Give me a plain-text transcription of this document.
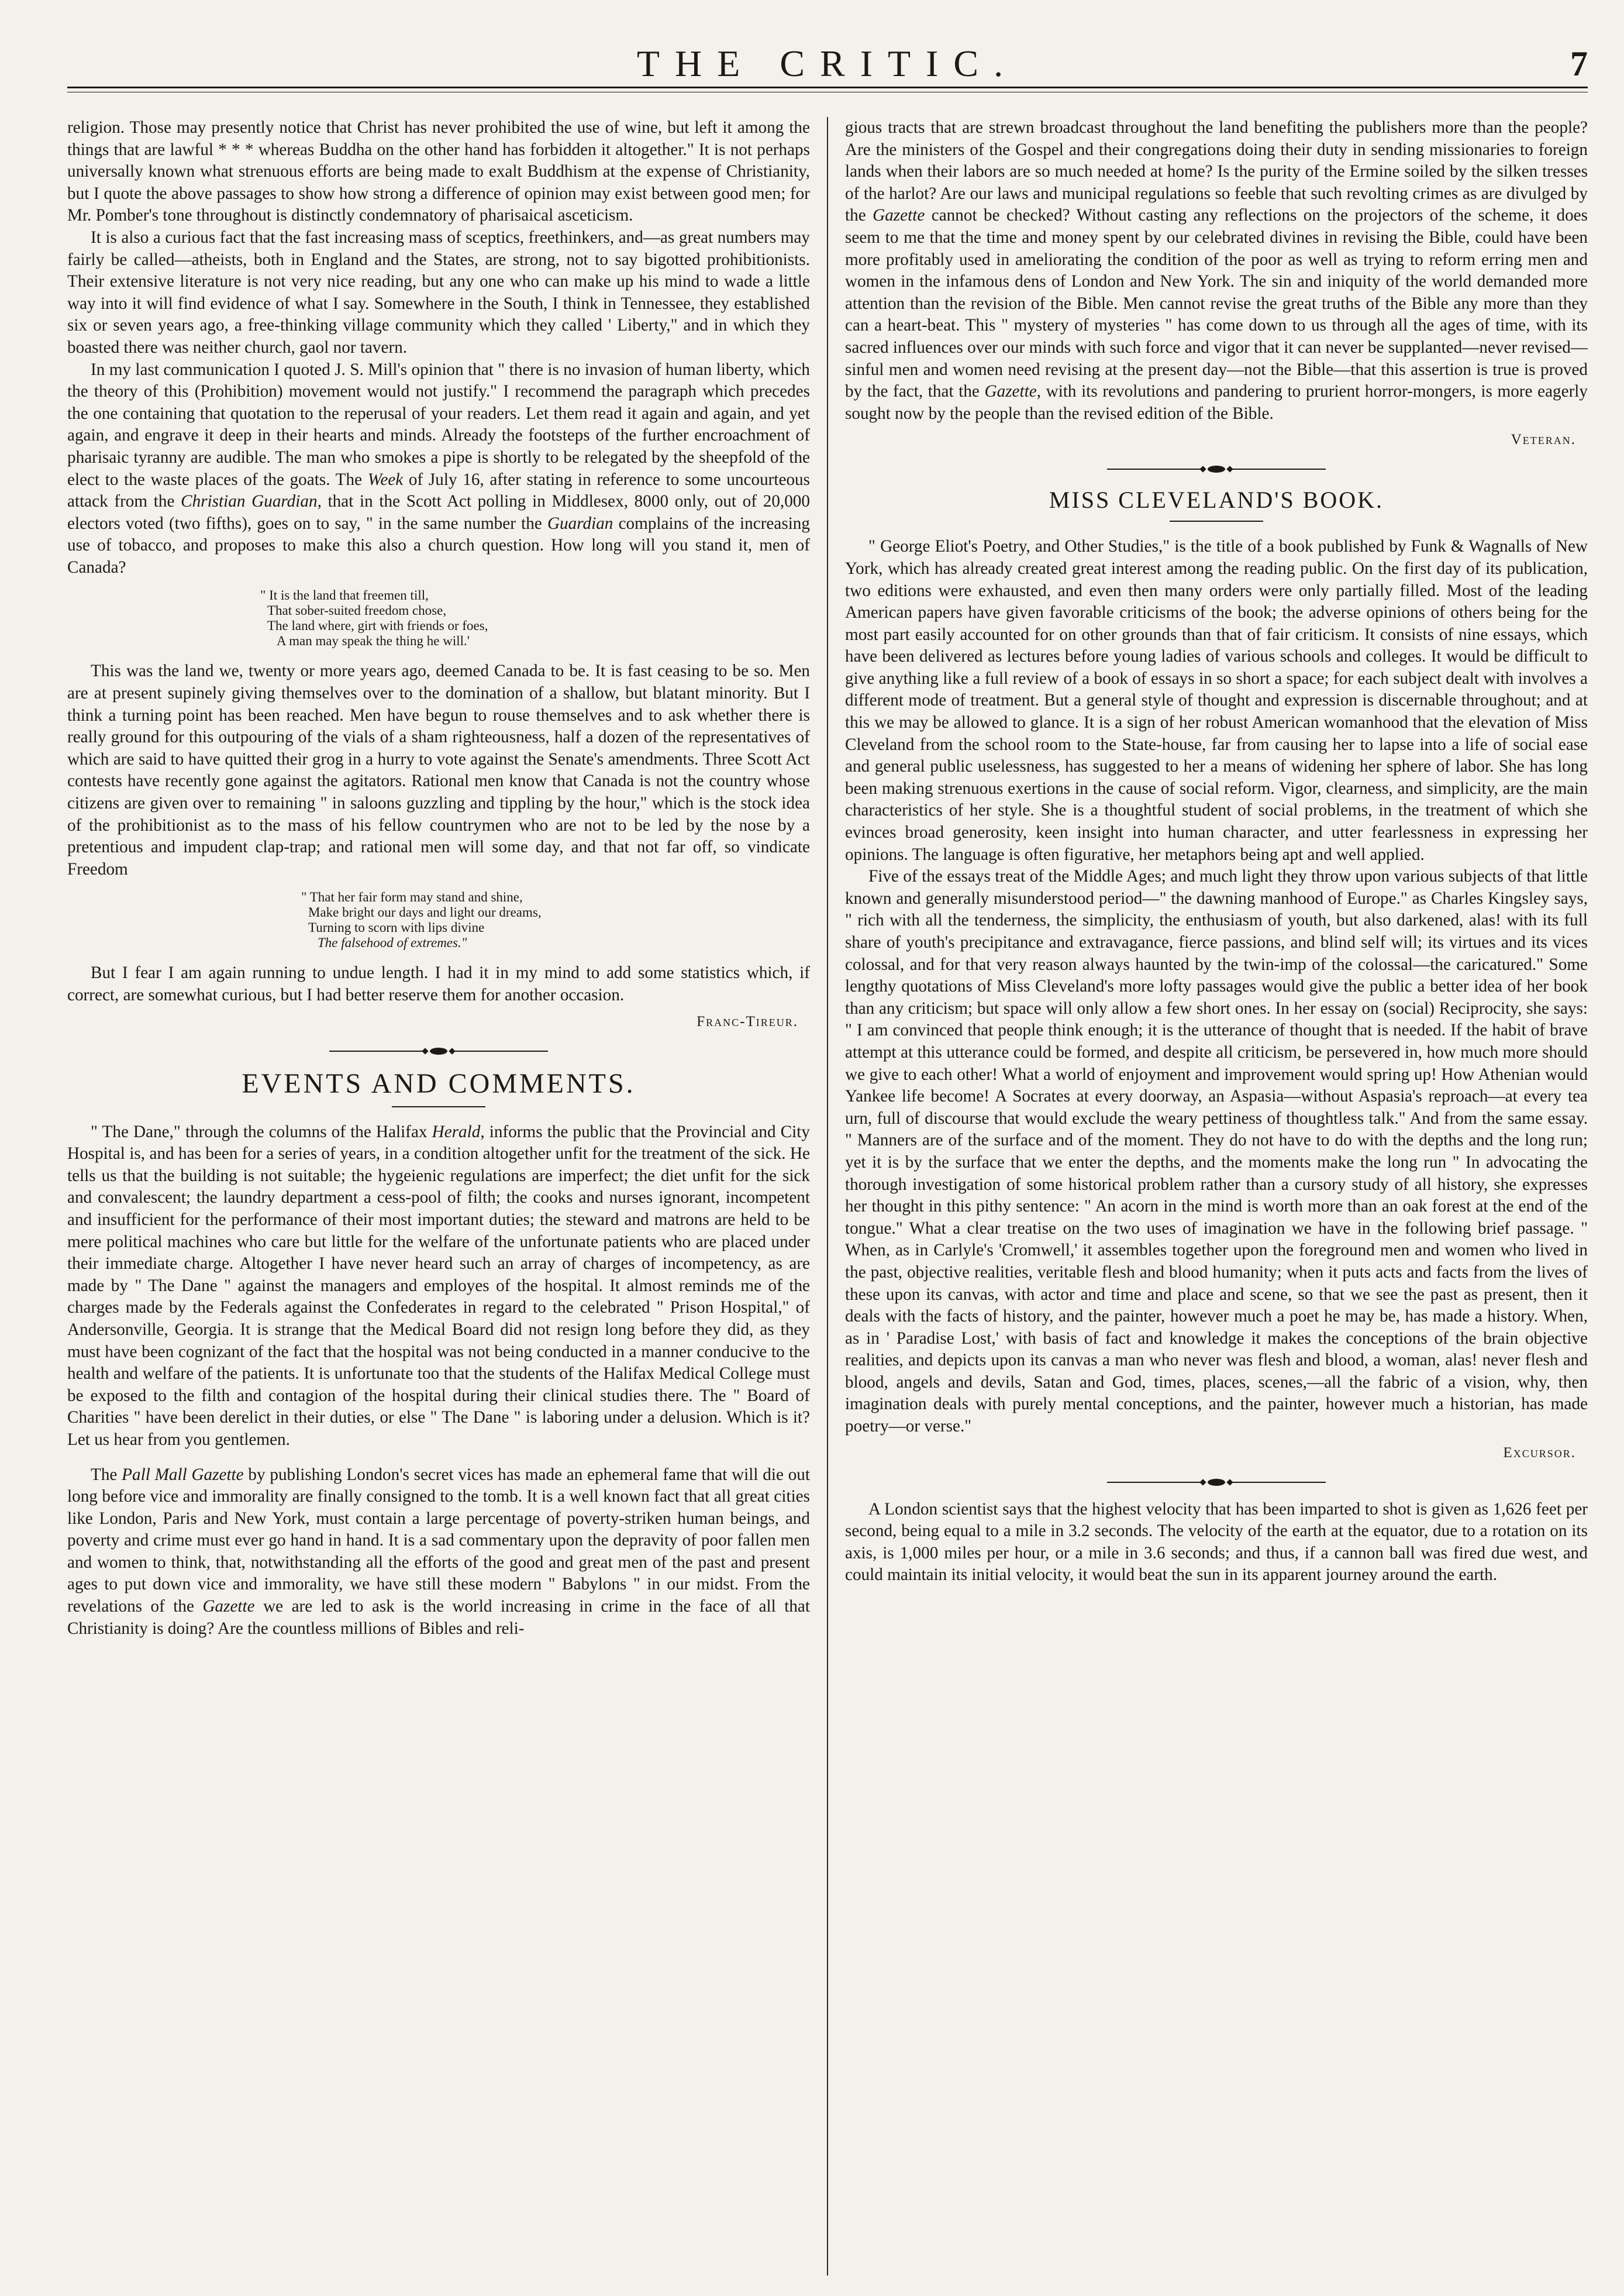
THE CRITIC.	7

religion. Those may presently notice that Christ has never prohibited the use of wine, but left it among the things that are lawful * * * whereas Buddha on the other hand has forbidden it altogether." It is not perhaps universally known what strenuous efforts are being made to exalt Buddhism at the expense of Christianity, but I quote the above passages to show how strong a difference of opinion may exist between good men; for Mr. Pomber's tone throughout is distinctly condemnatory of pharisaical asceticism.

It is also a curious fact that the fast increasing mass of sceptics, freethinkers, and—as great numbers may fairly be called—atheists, both in England and the States, are strong, not to say bigotted prohibitionists. Their extensive literature is not very nice reading, but any one who can make up his mind to wade a little way into it will find evidence of what I say. Somewhere in the South, I think in Tennessee, they established six or seven years ago, a free-thinking village community which they called ' Liberty," and in which they boasted there was neither church, gaol nor tavern.

In my last communication I quoted J. S. Mill's opinion that " there is no invasion of human liberty, which the theory of this (Prohibition) movement would not justify." I recommend the paragraph which precedes the one containing that quotation to the reperusal of your readers. Let them read it again and again, and yet again, and engrave it deep in their hearts and minds. Already the footsteps of the further encroachment of pharisaic tyranny are audible. The man who smokes a pipe is shortly to be relegated by the sheepfold of the elect to the waste places of the goats. The Week of July 16, after stating in reference to some uncourteous attack from the Christian Guardian, that in the Scott Act polling in Middlesex, 8000 only, out of 20,000 electors voted (two fifths), goes on to say, " in the same number the Guardian complains of the increasing use of tobacco, and proposes to make this also a church question. How long will you stand it, men of Canada?

" It is the land that freemen till,
That sober-suited freedom chose,
The land where, girt with friends or foes,
A man may speak the thing he will.'

This was the land we, twenty or more years ago, deemed Canada to be. It is fast ceasing to be so. Men are at present supinely giving themselves over to the domination of a shallow, but blatant minority. But I think a turning point has been reached. Men have begun to rouse themselves and to ask whether there is really ground for this outpouring of the vials of a sham righteousness, half a dozen of the representatives of which are said to have quitted their grog in a hurry to vote against the Senate's amendments. Three Scott Act contests have recently gone against the agitators. Rational men know that Canada is not the country whose citizens are given over to remaining " in saloons guzzling and tippling by the hour," which is the stock idea of the prohibitionist as to the mass of his fellow countrymen who are not to be led by the nose by a pretentious and impudent clap-trap; and rational men will some day, and that not far off, so vindicate Freedom

" That her fair form may stand and shine,
Make bright our days and light our dreams,
Turning to scorn with lips divine
The falsehood of extremes."

But I fear I am again running to undue length. I had it in my mind to add some statistics which, if correct, are somewhat curious, but I had better reserve them for another occasion.

Franc-Tireur.
EVENTS AND COMMENTS.

" The Dane," through the columns of the Halifax Herald, informs the public that the Provincial and City Hospital is, and has been for a series of years, in a condition altogether unfit for the treatment of the sick. He tells us that the building is not suitable; the hygeienic regulations are imperfect; the diet unfit for the sick and convalescent; the laundry department a cess-pool of filth; the cooks and nurses ignorant, incompetent and insufficient for the performance of their most important duties; the steward and matrons are held to be mere political machines who care but little for the welfare of the unfortunate patients who are placed under their immediate charge. Altogether I have never heard such an array of charges of incompetency, as are made by " The Dane " against the managers and employes of the hospital. It almost reminds me of the charges made by the Federals against the Confederates in regard to the celebrated " Prison Hospital," of Andersonville, Georgia. It is strange that the Medical Board did not resign long before they did, as they must have been cognizant of the fact that the hospital was not being conducted in a manner conducive to the health and welfare of the patients. It is unfortunate too that the students of the Halifax Medical College must be exposed to the filth and contagion of the hospital during their clinical studies there. The " Board of Charities " have been derelict in their duties, or else " The Dane " is laboring under a delusion. Which is it? Let us hear from you gentlemen.

The Pall Mall Gazette by publishing London's secret vices has made an ephemeral fame that will die out long before vice and immorality are finally consigned to the tomb. It is a well known fact that all great cities like London, Paris and New York, must contain a large percentage of poverty-striken human beings, and poverty and crime must ever go hand in hand. It is a sad commentary upon the depravity of poor fallen men and women to think, that, notwithstanding all the efforts of the good and great men of the past and present ages to put down vice and immorality, we have still these modern " Babylons " in our midst. From the revelations of the Gazette we are led to ask is the world increasing in crime in the face of all that Christianity is doing? Are the countless millions of Bibles and reli-

gious tracts that are strewn broadcast throughout the land benefiting the publishers more than the people? Are the ministers of the Gospel and their congregations doing their duty in sending missionaries to foreign lands when their labors are so much needed at home? Is the purity of the Ermine soiled by the silken tresses of the harlot? Are our laws and municipal regulations so feeble that such revolting crimes as are divulged by the Gazette cannot be checked? Without casting any reflections on the projectors of the scheme, it does seem to me that the time and money spent by our celebrated divines in revising the Bible, could have been more profitably used in ameliorating the condition of the poor as well as trying to reform erring men and women in the infamous dens of London and New York. The sin and iniquity of the world demanded more attention than the revision of the Bible. Men cannot revise the great truths of the Bible any more than they can a heart-beat. This " mystery of mysteries " has come down to us through all the ages of time, with its sacred influences over our minds with such force and vigor that it can never be supplanted—never revised—sinful men and women need revising at the present day—not the Bible—that this assertion is true is proved by the fact, that the Gazette, with its revolutions and pandering to prurient horror-mongers, is more eagerly sought now by the people than the revised edition of the Bible.

Veteran.
MISS CLEVELAND'S BOOK.

" George Eliot's Poetry, and Other Studies," is the title of a book published by Funk & Wagnalls of New York, which has already created great interest among the reading public. On the first day of its publication, two editions were exhausted, and even then many orders were only partially filled. Most of the leading American papers have given favorable criticisms of the book; the adverse opinions of others being for the most part easily accounted for on other grounds than that of fair criticism. It consists of nine essays, which have been delivered as lectures before young ladies of various schools and colleges. It would be difficult to give anything like a full review of a book of essays in so short a space; for each subject dealt with involves a different mode of treatment. But a general style of thought and expression is discernable throughout; and at this we may be allowed to glance. It is a sign of her robust American womanhood that the elevation of Miss Cleveland from the school room to the State-house, far from causing her to lapse into a life of social ease and general public uselessness, has suggested to her a means of widening her sphere of labor. She has long been making strenuous exertions in the cause of social reform. Vigor, clearness, and simplicity, are the main characteristics of her style. She is a thoughtful student of social problems, in the treatment of which she evinces broad generosity, keen insight into human character, and utter fearlessness in expressing her opinions. The language is often figurative, her metaphors being apt and well applied.

Five of the essays treat of the Middle Ages; and much light they throw upon various subjects of that little known and generally misunderstood period—" the dawning manhood of Europe." as Charles Kingsley says, " rich with all the tenderness, the simplicity, the enthusiasm of youth, but also darkened, alas! with its full share of youth's precipitance and extravagance, fierce passions, and blind self will; its virtues and its vices colossal, and for that very reason always haunted by the twin-imp of the colossal—the caricatured." Some lengthy quotations of Miss Cleveland's more lofty passages would give the public a better idea of her book than any criticism; but space will only allow a few short ones. In her essay on (social) Reciprocity, she says: " I am convinced that people think enough; it is the utterance of thought that is needed. If the habit of brave attempt at this utterance could be formed, and despite all criticism, be persevered in, how much more should we give to each other! What a world of enjoyment and improvement would spring up! How Athenian would Yankee life become! A Socrates at every doorway, an Aspasia—without Aspasia's reproach—at every tea urn, full of discourse that would exclude the weary pettiness of thoughtless talk." And from the same essay. " Manners are of the surface and of the moment. They do not have to do with the depths and the long run; yet it is by the surface that we enter the depths, and the moments make the long run " In advocating the thorough investigation of some historical problem rather than a cursory study of all history, she expresses her thought in this pithy sentence: " An acorn in the mind is worth more than an oak forest at the end of the tongue." What a clear treatise on the two uses of imagination we have in the following brief passage. " When, as in Carlyle's 'Cromwell,' it assembles together upon the foreground men and women who lived in the past, objective realities, veritable flesh and blood humanity; when it puts acts and facts from the lives of these upon its canvas, with actor and time and place and scene, so that we see the past as present, then it deals with the facts of history, and the painter, however much a poet he may be, has made a history. When, as in ' Paradise Lost,' with basis of fact and knowledge it makes the conceptions of the brain objective realities, and depicts upon its canvas a man who never was flesh and blood, a woman, alas! never flesh and blood, angels and devils, Satan and God, times, places, scenes,—all the fabric of a vision, why, then imagination deals with purely mental conceptions, and the painter, however much a historian, has made poetry—or verse."

Excursor.

A London scientist says that the highest velocity that has been imparted to shot is given as 1,626 feet per second, being equal to a mile in 3.2 seconds. The velocity of the earth at the equator, due to a rotation on its axis, is 1,000 miles per hour, or a mile in 3.6 seconds; and thus, if a cannon ball was fired due west, and could maintain its initial velocity, it would beat the sun in its apparent journey around the earth.
